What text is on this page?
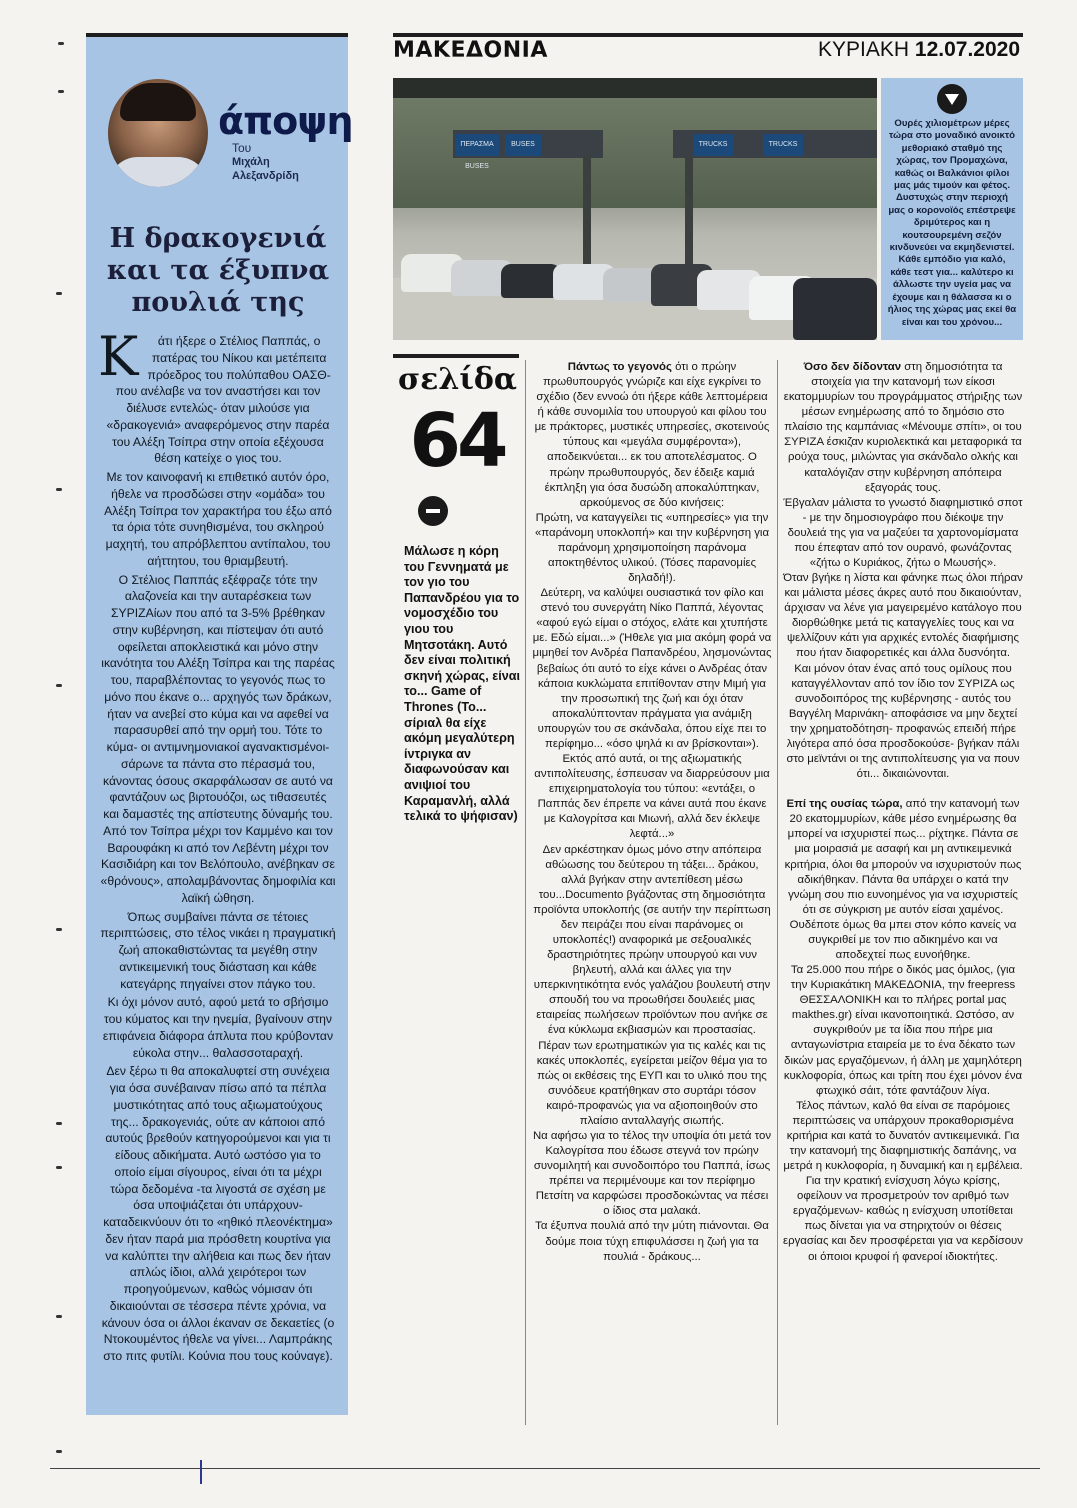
άποψη
Του
Μιχάλη Αλεξανδρίδη
Η δρακογενιά
και τα έξυπνα
πουλιά της

Κ άτι ήξερε ο Στέλιος Παππάς, ο πατέρας του Νίκου και μετέπειτα πρόεδρος του πολύπαθου ΟΑΣΘ- που ανέλαβε να τον αναστήσει και τον διέλυσε εντελώς- όταν μιλούσε για «δρακογενιά» αναφερόμενος στην παρέα του Αλέξη Τσίπρα στην οποία εξέχουσα θέση κατείχε ο γιος του.

Με τον καινοφανή κι επιθετικό αυτόν όρο, ήθελε να προσδώσει στην «ομάδα» του Αλέξη Τσίπρα τον χαρακτήρα του έξω από τα όρια τότε συνηθισμένα, του σκληρού μαχητή, του απρόβλεπτου αντίπαλου, του αήττητου, του θριαμβευτή.

Ο Στέλιος Παππάς εξέφραζε τότε την αλαζονεία και την αυταρέσκεια των ΣΥΡΙΖΑίων που από τα 3-5% βρέθηκαν στην κυβέρνηση, και πίστεψαν ότι αυτό οφείλεται αποκλειστικά και μόνο στην ικανότητα του Αλέξη Τσίπρα και της παρέας του, παραβλέποντας το γεγονός πως το μόνο που έκανε ο... αρχηγός των δράκων, ήταν να ανεβεί στο κύμα και να αφεθεί να παρασυρθεί από την ορμή του. Τότε το κύμα- οι αντιμνημονιακοί αγανακτισμένοι- σάρωνε τα πάντα στο πέρασμά του, κάνοντας όσους σκαρφάλωσαν σε αυτό να φαντάζουν ως βιρτουόζοι, ως τιθασευτές και δαμαστές της απίστευτης δύναμής του. Από τον Τσίπρα μέχρι τον Καμμένο και τον Βαρουφάκη κι από τον Λεβέντη μέχρι τον Κασιδιάρη και τον Βελόπουλο, ανέβηκαν σε «θρόνους», απολαμβάνοντας δημοφιλία και λαϊκή ώθηση.

Όπως συμβαίνει πάντα σε τέτοιες περιπτώσεις, στο τέλος νικάει η πραγματική ζωή αποκαθιστώντας τα μεγέθη στην αντικειμενική τους διάσταση και κάθε κατεγάρης πηγαίνει στον πάγκο του.

Κι όχι μόνον αυτό, αφού μετά το σβήσιμο του κύματος και την ηνεμία, βγαίνουν στην επιφάνεια διάφορα άπλυτα που κρύβονταν εύκολα στην... θαλασσοταραχή.

Δεν ξέρω τι θα αποκαλυφτεί στη συνέχεια για όσα συνέβαιναν πίσω από τα πέπλα μυστικότητας από τους αξιωματούχους της... δρακογενιάς, ούτε αν κάποιοι από αυτούς βρεθούν κατηγορούμενοι και για τι είδους αδικήματα. Αυτό ωστόσο για το οποίο είμαι σίγουρος, είναι ότι τα μέχρι τώρα δεδομένα -τα λιγοστά σε σχέση με όσα υποψιάζεται ότι υπάρχουν- καταδεικνύουν ότι το «ηθικό πλεονέκτημα» δεν ήταν παρά μια πρόσθετη κουρτίνα για να καλύπτει την αλήθεια και πως δεν ήταν απλώς ίδιοι, αλλά χειρότεροι των προηγούμενων, καθώς νόμισαν ότι δικαιούνται σε τέσσερα πέντε χρόνια, να κάνουν όσα οι άλλοι έκαναν σε δεκαετίες (ο Ντοκουμέντος ήθελε να γίνει... Λαμπράκης στο πιτς φυτίλι. Κούνια που τους κούναγε).

ΜΑΚΕΔΟΝΙΑ	ΚΥΡΙΑΚΗ 12.07.2020
ΠΕΡΑΣΜΑ BUSES
BUSES	TRUCKS	TRUCKS
Ουρές χιλιομέτρων μέρες τώρα στο μοναδικό ανοικτό μεθοριακό σταθμό της χώρας, τον Προμαχώνα, καθώς οι Βαλκάνιοι φίλοι μας μάς τιμούν και φέτος. Δυστυχώς στην περιοχή μας ο κορονοϊός επέστρεψε δριμύτερος και η κουτσουρεμένη σεζόν κινδυνεύει να εκμηδενιστεί. Κάθε εμπόδιο για καλό, κάθε τεστ για... καλύτερο κι άλλωστε την υγεία μας να έχουμε και η θάλασσα κι ο ήλιος της χώρας μας εκεί θα είναι και του χρόνου...
σελίδα
64
Μάλωσε η κόρη του Γεννηματά με τον γιο του Παπανδρέου για το νομοσχέδιο του γιου του Μητσοτάκη. Αυτό δεν είναι πολιτική σκηνή χώρας, είναι το... Game of Thrones (Το... σίριαλ θα είχε ακόμη μεγαλύτερη ίντριγκα αν διαφωνούσαν και ανιψιοί του Καραμανλή, αλλά τελικά το ψήφισαν)

Πάντως το γεγονός ότι ο πρώην πρωθυπουργός γνώριζε και είχε εγκρίνει το σχέδιο (δεν εννοώ ότι ήξερε κάθε λεπτομέρεια ή κάθε συνομιλία του υπουργού και φίλου του με πράκτορες, μυστικές υπηρεσίες, σκοτεινούς τύπους και «μεγάλα συμφέροντα»), αποδεικνύεται... εκ του αποτελέσματος. Ο πρώην πρωθυπουργός, δεν έδειξε καμιά έκπληξη για όσα δυσώδη αποκαλύπτηκαν, αρκούμενος σε δύο κινήσεις:

Πρώτη, να καταγγείλει τις «υπηρεσίες» για την «παράνομη υποκλοπή» και την κυβέρνηση για παράνομη χρησιμοποίηση παράνομα αποκτηθέντος υλικού. (Τόσες παρανομίες δηλαδή!).

Δεύτερη, να καλύψει ουσιαστικά τον φίλο και στενό του συνεργάτη Νίκο Παππά, λέγοντας «αφού εγώ είμαι ο στόχος, ελάτε και χτυπήστε με. Εδώ είμαι...» (Ήθελε για μια ακόμη φορά να μιμηθεί τον Ανδρέα Παπανδρέου, λησμονώντας βεβαίως ότι αυτό το είχε κάνει ο Ανδρέας όταν κάποια κυκλώματα επιτίθονταν στην Μιμή για την προσωπική της ζωή και όχι όταν αποκαλύπτονταν πράγματα για ανάμιξη υπουργών του σε σκάνδαλα, όπου είχε πει το περίφημο... «όσο ψηλά κι αν βρίσκονται»).

Εκτός από αυτά, οι της αξιωματικής αντιπολίτευσης, έσπευσαν να διαρρεύσουν μια επιχειρηματολογία του τύπου: «εντάξει, ο Παππάς δεν έπρεπε να κάνει αυτά που έκανε με Καλογρίτσα και Μιωνή, αλλά δεν έκλεψε λεφτά...»

Δεν αρκέστηκαν όμως μόνο στην απόπειρα αθώωσης του δεύτερου τη τάξει... δράκου, αλλά βγήκαν στην αντεπίθεση μέσω του...Documento βγάζοντας στη δημοσιότητα προϊόντα υποκλοπής (σε αυτήν την περίπτωση δεν πειράζει που είναι παράνομες οι υποκλοπές!) αναφορικά με σεξουαλικές δραστηριότητες πρώην υπουργού και νυν βηλευτή, αλλά και άλλες για την υπερκινητικότητα ενός γαλάζιου βουλευτή στην σπουδή του να προωθήσει δουλειές μιας εταιρείας πωλήσεων προϊόντων που ανήκε σε ένα κύκλωμα εκβιασμών και προστασίας.

Πέραν των ερωτηματικών για τις καλές και τις κακές υποκλοπές, εγείρεται μείζον θέμα για το πώς οι εκθέσεις της ΕΥΠ και το υλικό που της συνόδευε κρατήθηκαν στο συρτάρι τόσον καιρό-προφανώς για να αξιοποιηθούν στο πλαίσιο ανταλλαγής σιωπής.

Να αφήσω για το τέλος την υποψία ότι μετά τον Καλογρίτσα που έδωσε στεγνά τον πρώην συνομιλητή και συνοδοιπόρο του Παππά, ίσως πρέπει να περιμένουμε και τον περίφημο Πετσίτη να καρφώσει προσδοκώντας να πέσει ο ίδιος στα μαλακά.

Τα έξυπνα πουλιά από την μύτη πιάνονται. Θα δούμε ποια τύχη επιφυλάσσει η ζωή για τα πουλιά - δράκους...

Όσο δεν δίδονταν στη δημοσιότητα τα στοιχεία για την κατανομή των είκοσι εκατομμυρίων του προγράμματος στήριξης των μέσων ενημέρωσης από το δημόσιο στο πλαίσιο της καμπάνιας «Μένουμε σπίτι», οι του ΣΥΡΙΖΑ έσκιζαν κυριολεκτικά και μεταφορικά τα ρούχα τους, μιλώντας για σκάνδαλο ολκής και καταλόγιζαν στην κυβέρνηση απόπειρα εξαγοράς τους.

Έβγαλαν μάλιστα το γνωστό διαφημιστικό σποτ - με την δημοσιογράφο που διέκοψε την δουλειά της για να μαζεύει τα χαρτονομίσματα που έπεφταν από τον ουρανό, φωνάζοντας «ζήτω ο Κυριάκος, ζήτω ο Μωυσής».

Όταν βγήκε η λίστα και φάνηκε πως όλοι πήραν και μάλιστα μέσες άκρες αυτό που δικαιούνταν, άρχισαν να λένε για μαγειρεμένο κατάλογο που διορθώθηκε μετά τις καταγγελίες τους και να ψελλίζουν κάτι για αρχικές εντολές διαφήμισης που ήταν διαφορετικές και άλλα δυσνόητα.

Και μόνον όταν ένας από τους ομίλους που καταγγέλλονταν από τον ίδιο τον ΣΥΡΙΖΑ ως συνοδοιπόρος της κυβέρνησης - αυτός του Βαγγέλη Μαρινάκη- αποφάσισε να μην δεχτεί την χρηματοδότηση- προφανώς επειδή πήρε λιγότερα από όσα προσδοκούσε- βγήκαν πάλι στο μεϊντάνι οι της αντιπολίτευσης για να πουν ότι... δικαιώνονται.

Επί της ουσίας τώρα, από την κατανομή των 20 εκατομμυρίων, κάθε μέσο ενημέρωσης θα μπορεί να ισχυριστεί πως... ρίχτηκε. Πάντα σε μια μοιρασιά με ασαφή και μη αντικειμενικά κριτήρια, όλοι θα μπορούν να ισχυριστούν πως αδικήθηκαν. Πάντα θα υπάρχει ο κατά την γνώμη σου πιο ευνοημένος για να ισχυριστείς ότι σε σύγκριση με αυτόν είσαι χαμένος. Ουδέποτε όμως θα μπει στον κόπο κανείς να συγκριθεί με τον πιο αδικημένο και να αποδεχτεί πως ευνοήθηκε.

Τα 25.000 που πήρε ο δικός μας όμιλος, (για την Κυριακάτικη ΜΑΚΕΔΟΝΙΑ, την freepress ΘΕΣΣΑΛΟΝΙΚΗ και το πλήρες portal μας makthes.gr) είναι ικανοποιητικά. Ωστόσο, αν συγκριθούν με τα ίδια που πήρε μια ανταγωνίστρια εταιρεία με το ένα δέκατο των δικών μας εργαζόμενων, ή άλλη με χαμηλότερη κυκλοφορία, όπως και τρίτη που έχει μόνον ένα φτωχικό σάιτ, τότε φαντάζουν λίγα.

Τέλος πάντων, καλό θα είναι σε παρόμοιες περιπτώσεις να υπάρχουν προκαθορισμένα κριτήρια και κατά το δυνατόν αντικειμενικά. Για την κατανομή της διαφημιστικής δαπάνης, να μετρά η κυκλοφορία, η δυναμική και η εμβέλεια. Για την κρατική ενίσχυση λόγω κρίσης, οφείλουν να προσμετρούν τον αριθμό των εργαζόμενων- καθώς η ενίσχυση υποτίθεται πως δίνεται για να στηριχτούν οι θέσεις εργασίας και δεν προσφέρεται για να κερδίσουν οι όποιοι κρυφοί ή φανεροί ιδιοκτήτες.
